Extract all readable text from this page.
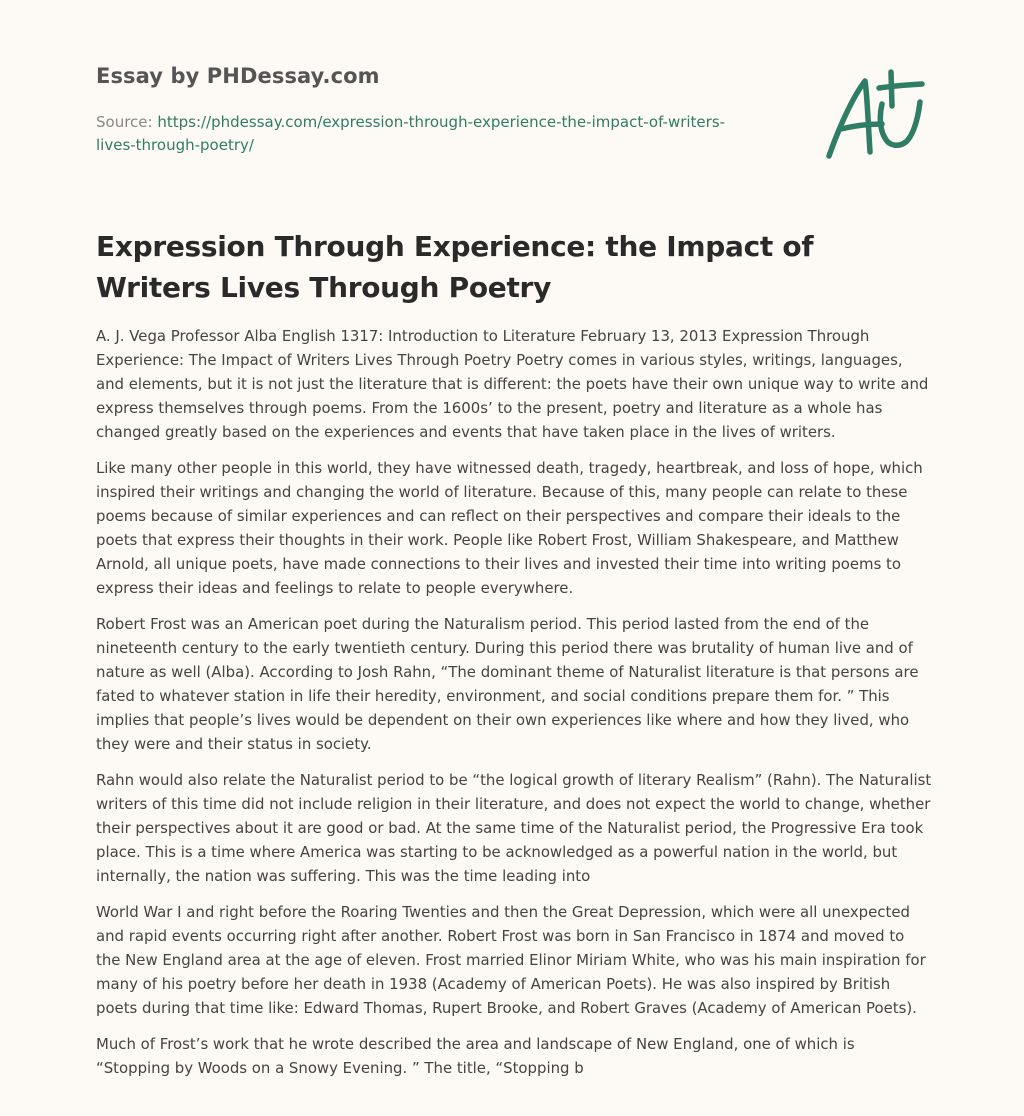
Essay by PHDessay.com

Source: https://phdessay.com/expression-through-experience-the-impact-of-writers-lives-through-poetry/

Expression Through Experience: the Impact of Writers Lives Through Poetry

A. J. Vega Professor Alba English 1317: Introduction to Literature February 13, 2013 Expression Through Experience: The Impact of Writers Lives Through Poetry Poetry comes in various styles, writings, languages, and elements, but it is not just the literature that is different: the poets have their own unique way to write and express themselves through poems. From the 1600s’ to the present, poetry and literature as a whole has changed greatly based on the experiences and events that have taken place in the lives of writers.

Like many other people in this world, they have witnessed death, tragedy, heartbreak, and loss of hope, which inspired their writings and changing the world of literature. Because of this, many people can relate to these poems because of similar experiences and can reflect on their perspectives and compare their ideals to the poets that express their thoughts in their work. People like Robert Frost, William Shakespeare, and Matthew Arnold, all unique poets, have made connections to their lives and invested their time into writing poems to express their ideas and feelings to relate to people everywhere.

Robert Frost was an American poet during the Naturalism period. This period lasted from the end of the nineteenth century to the early twentieth century. During this period there was brutality of human live and of nature as well (Alba). According to Josh Rahn, “The dominant theme of Naturalist literature is that persons are fated to whatever station in life their heredity, environment, and social conditions prepare them for. ” This implies that people’s lives would be dependent on their own experiences like where and how they lived, who they were and their status in society.

Rahn would also relate the Naturalist period to be “the logical growth of literary Realism” (Rahn). The Naturalist writers of this time did not include religion in their literature, and does not expect the world to change, whether their perspectives about it are good or bad. At the same time of the Naturalist period, the Progressive Era took place. This is a time where America was starting to be acknowledged as a powerful nation in the world, but internally, the nation was suffering. This was the time leading into

World War I and right before the Roaring Twenties and then the Great Depression, which were all unexpected and rapid events occurring right after another. Robert Frost was born in San Francisco in 1874 and moved to the New England area at the age of eleven. Frost married Elinor Miriam White, who was his main inspiration for many of his poetry before her death in 1938 (Academy of American Poets). He was also inspired by British poets during that time like: Edward Thomas, Rupert Brooke, and Robert Graves (Academy of American Poets).

Much of Frost’s work that he wrote described the area and landscape of New England, one of which is “Stopping by Woods on a Snowy Evening. ” The title, “Stopping b
